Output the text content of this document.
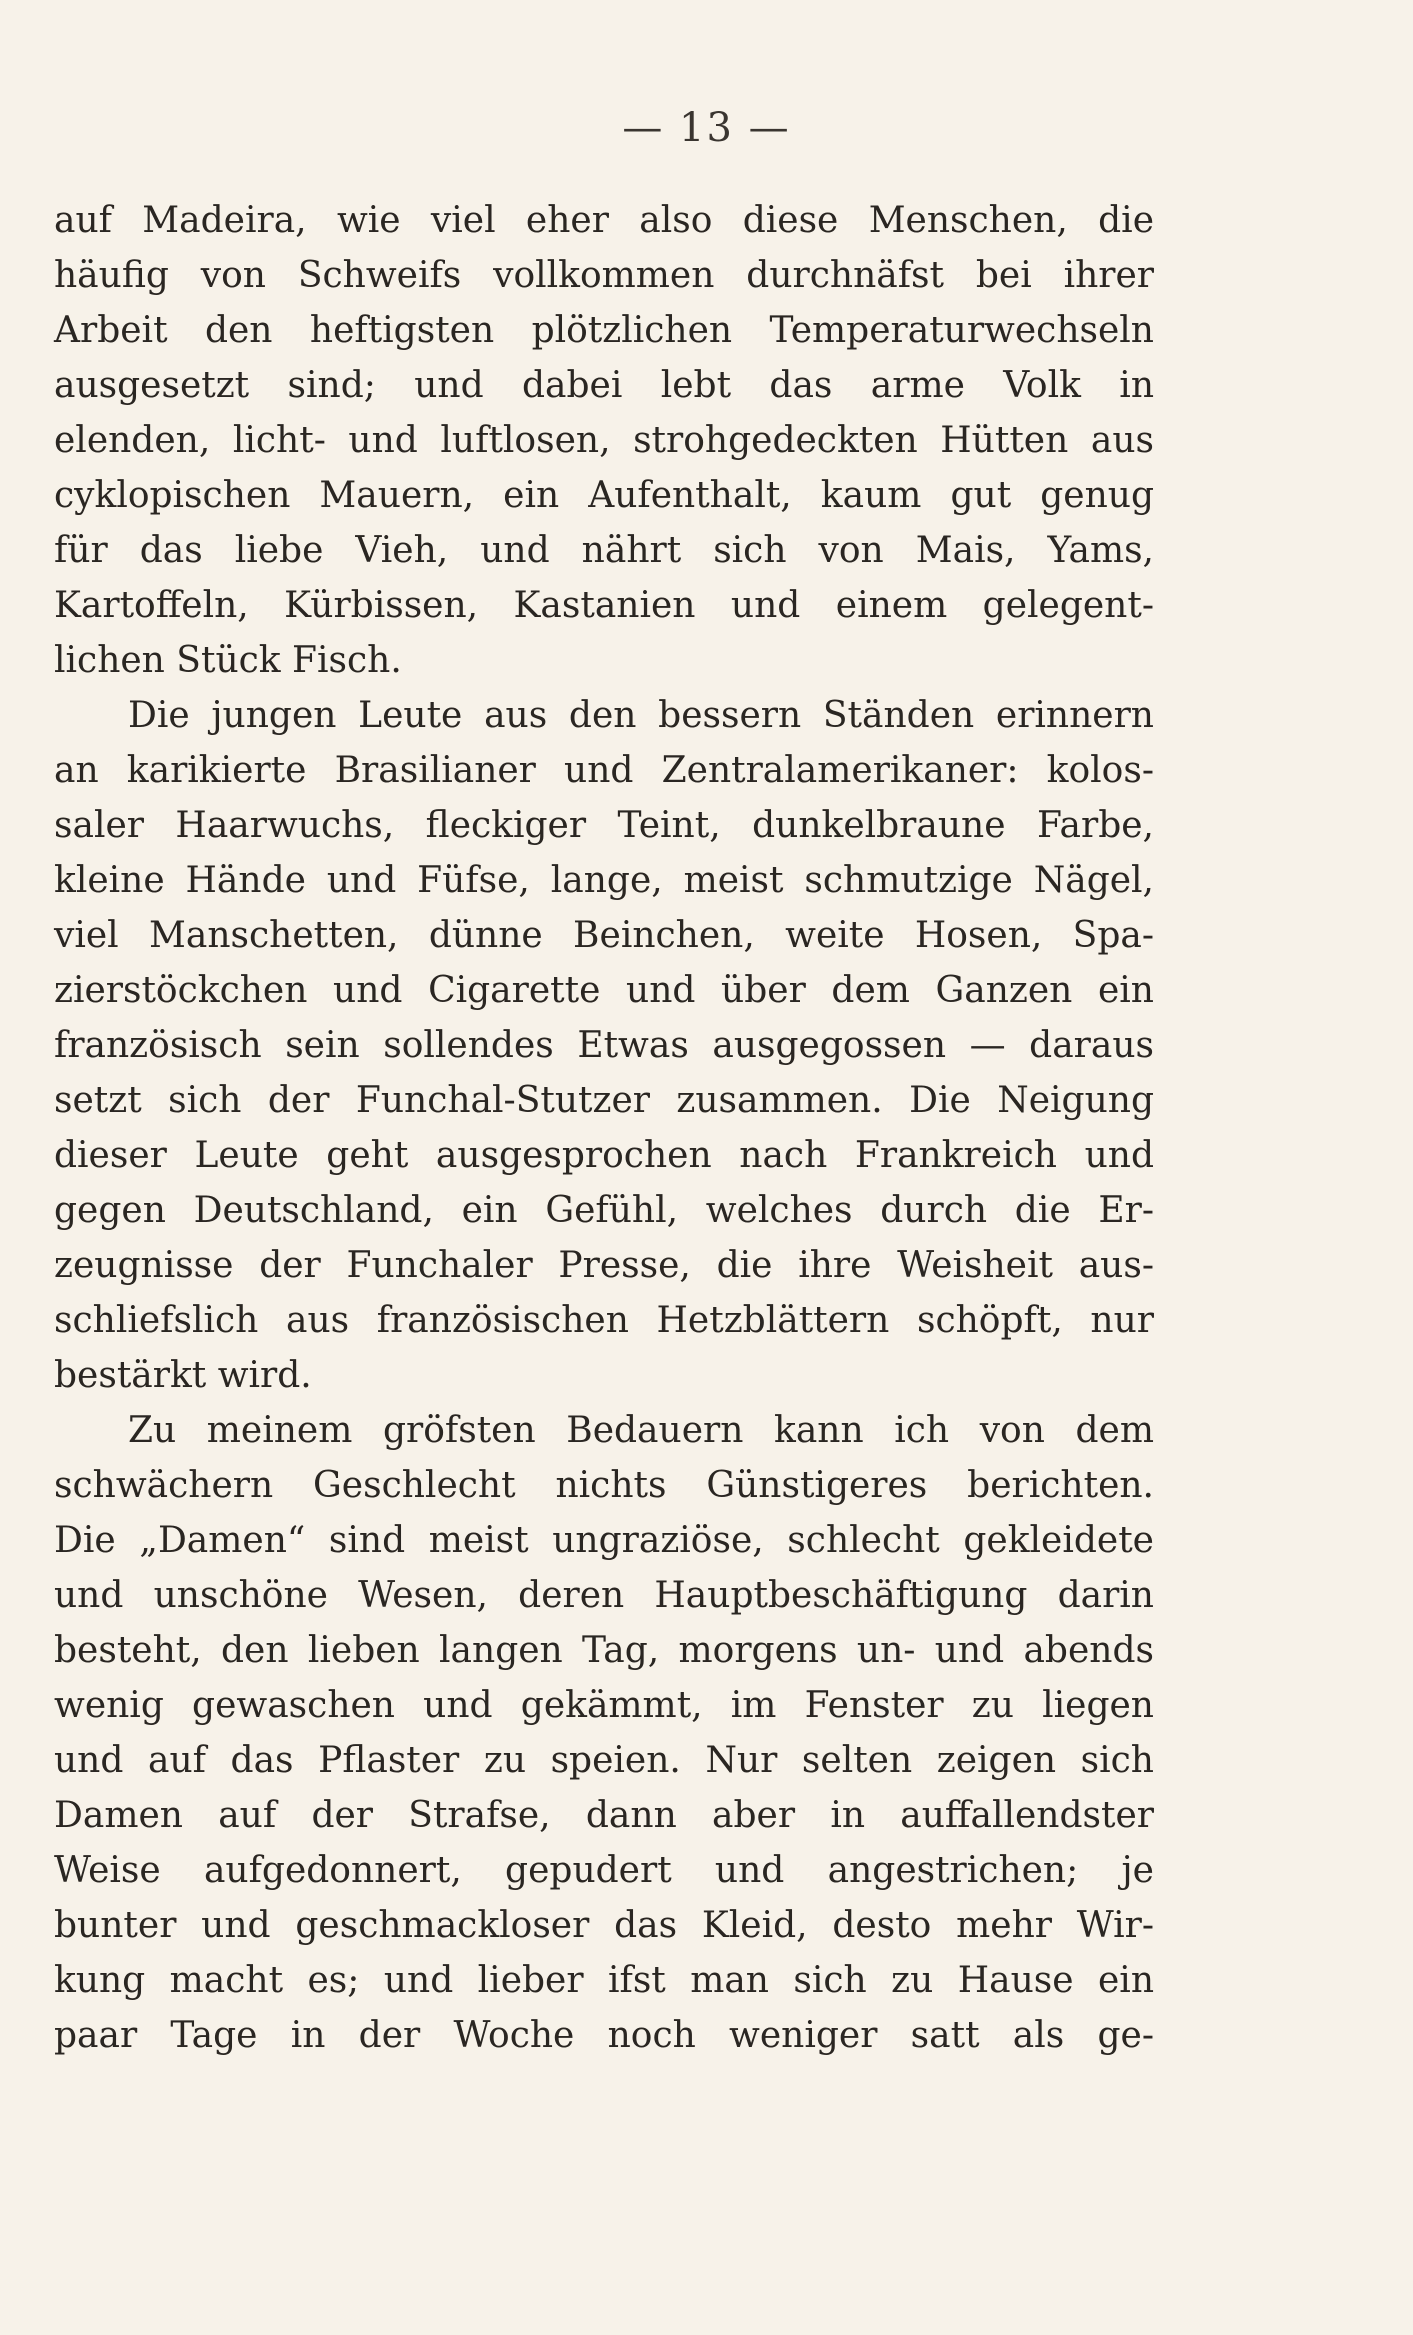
— 13 —
auf Madeira, wie viel eher also diese Menschen, die
häufig von Schweifs vollkommen durchnäfst bei ihrer
Arbeit den heftigsten plötzlichen Temperaturwechseln
ausgesetzt sind; und dabei lebt das arme Volk in
elenden, licht- und luftlosen, strohgedeckten Hütten aus
cyklopischen Mauern, ein Aufenthalt, kaum gut genug
für das liebe Vieh, und nährt sich von Mais, Yams,
Kartoffeln, Kürbissen, Kastanien und einem gelegent-
lichen Stück Fisch.
Die jungen Leute aus den bessern Ständen erinnern
an karikierte Brasilianer und Zentralamerikaner: kolos-
saler Haarwuchs, fleckiger Teint, dunkelbraune Farbe,
kleine Hände und Füfse, lange, meist schmutzige Nägel,
viel Manschetten, dünne Beinchen, weite Hosen, Spa-
zierstöckchen und Cigarette und über dem Ganzen ein
französisch sein sollendes Etwas ausgegossen — daraus
setzt sich der Funchal-Stutzer zusammen. Die Neigung
dieser Leute geht ausgesprochen nach Frankreich und
gegen Deutschland, ein Gefühl, welches durch die Er-
zeugnisse der Funchaler Presse, die ihre Weisheit aus-
schliefslich aus französischen Hetzblättern schöpft, nur
bestärkt wird.
Zu meinem gröfsten Bedauern kann ich von dem
schwächern Geschlecht nichts Günstigeres berichten.
Die „Damen“ sind meist ungraziöse, schlecht gekleidete
und unschöne Wesen, deren Hauptbeschäftigung darin
besteht, den lieben langen Tag, morgens un- und abends
wenig gewaschen und gekämmt, im Fenster zu liegen
und auf das Pflaster zu speien. Nur selten zeigen sich
Damen auf der Strafse, dann aber in auffallendster
Weise aufgedonnert, gepudert und angestrichen; je
bunter und geschmackloser das Kleid, desto mehr Wir-
kung macht es; und lieber ifst man sich zu Hause ein
paar Tage in der Woche noch weniger satt als ge-
